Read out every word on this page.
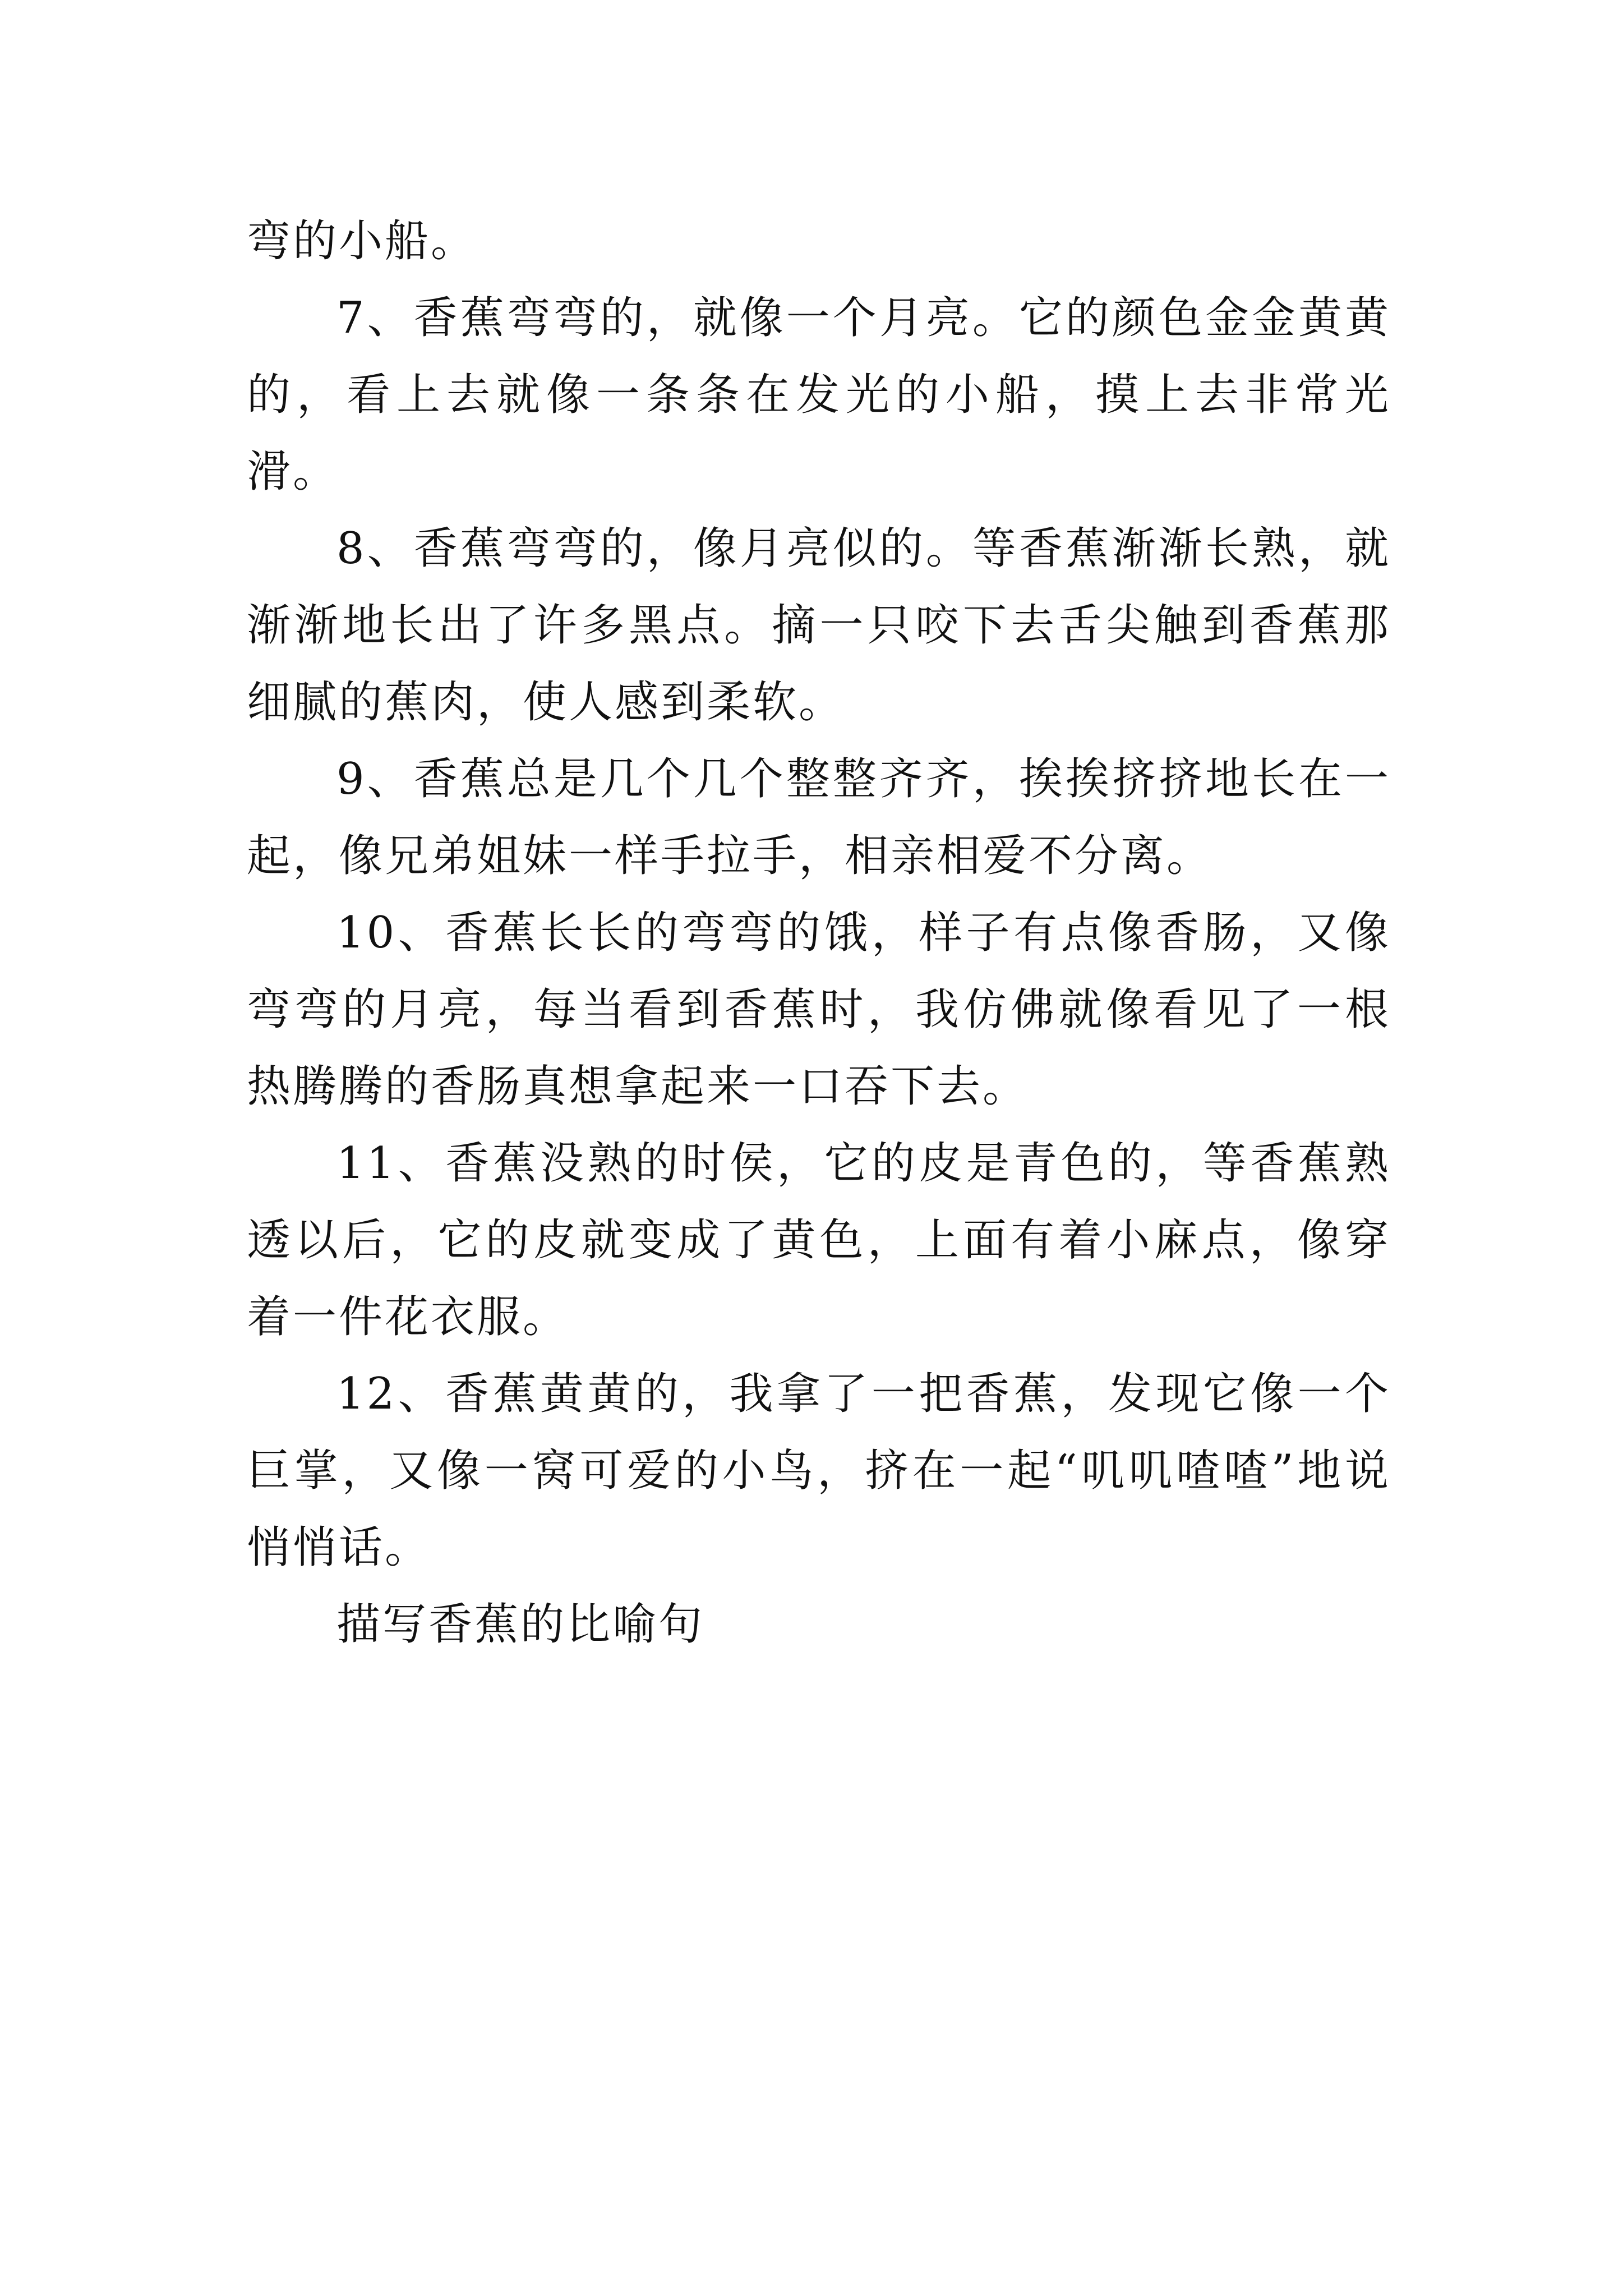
弯的小船。

7、香蕉弯弯的，就像一个月亮。它的颜色金金黄黄的，看上去就像一条条在发光的小船，摸上去非常光滑。

8、香蕉弯弯的，像月亮似的。等香蕉渐渐长熟，就渐渐地长出了许多黑点。摘一只咬下去舌尖触到香蕉那细腻的蕉肉，使人感到柔软。

9、香蕉总是几个几个整整齐齐，挨挨挤挤地长在一起，像兄弟姐妹一样手拉手，相亲相爱不分离。

10、香蕉长长的弯弯的饿，样子有点像香肠，又像弯弯的月亮，每当看到香蕉时，我仿佛就像看见了一根热腾腾的香肠真想拿起来一口吞下去。

11、香蕉没熟的时侯，它的皮是青色的，等香蕉熟透以后，它的皮就变成了黄色，上面有着小麻点，像穿着一件花衣服。

12、香蕉黄黄的，我拿了一把香蕉，发现它像一个巨掌，又像一窝可爱的小鸟，挤在一起“叽叽喳喳”地说悄悄话。

描写香蕉的比喻句
